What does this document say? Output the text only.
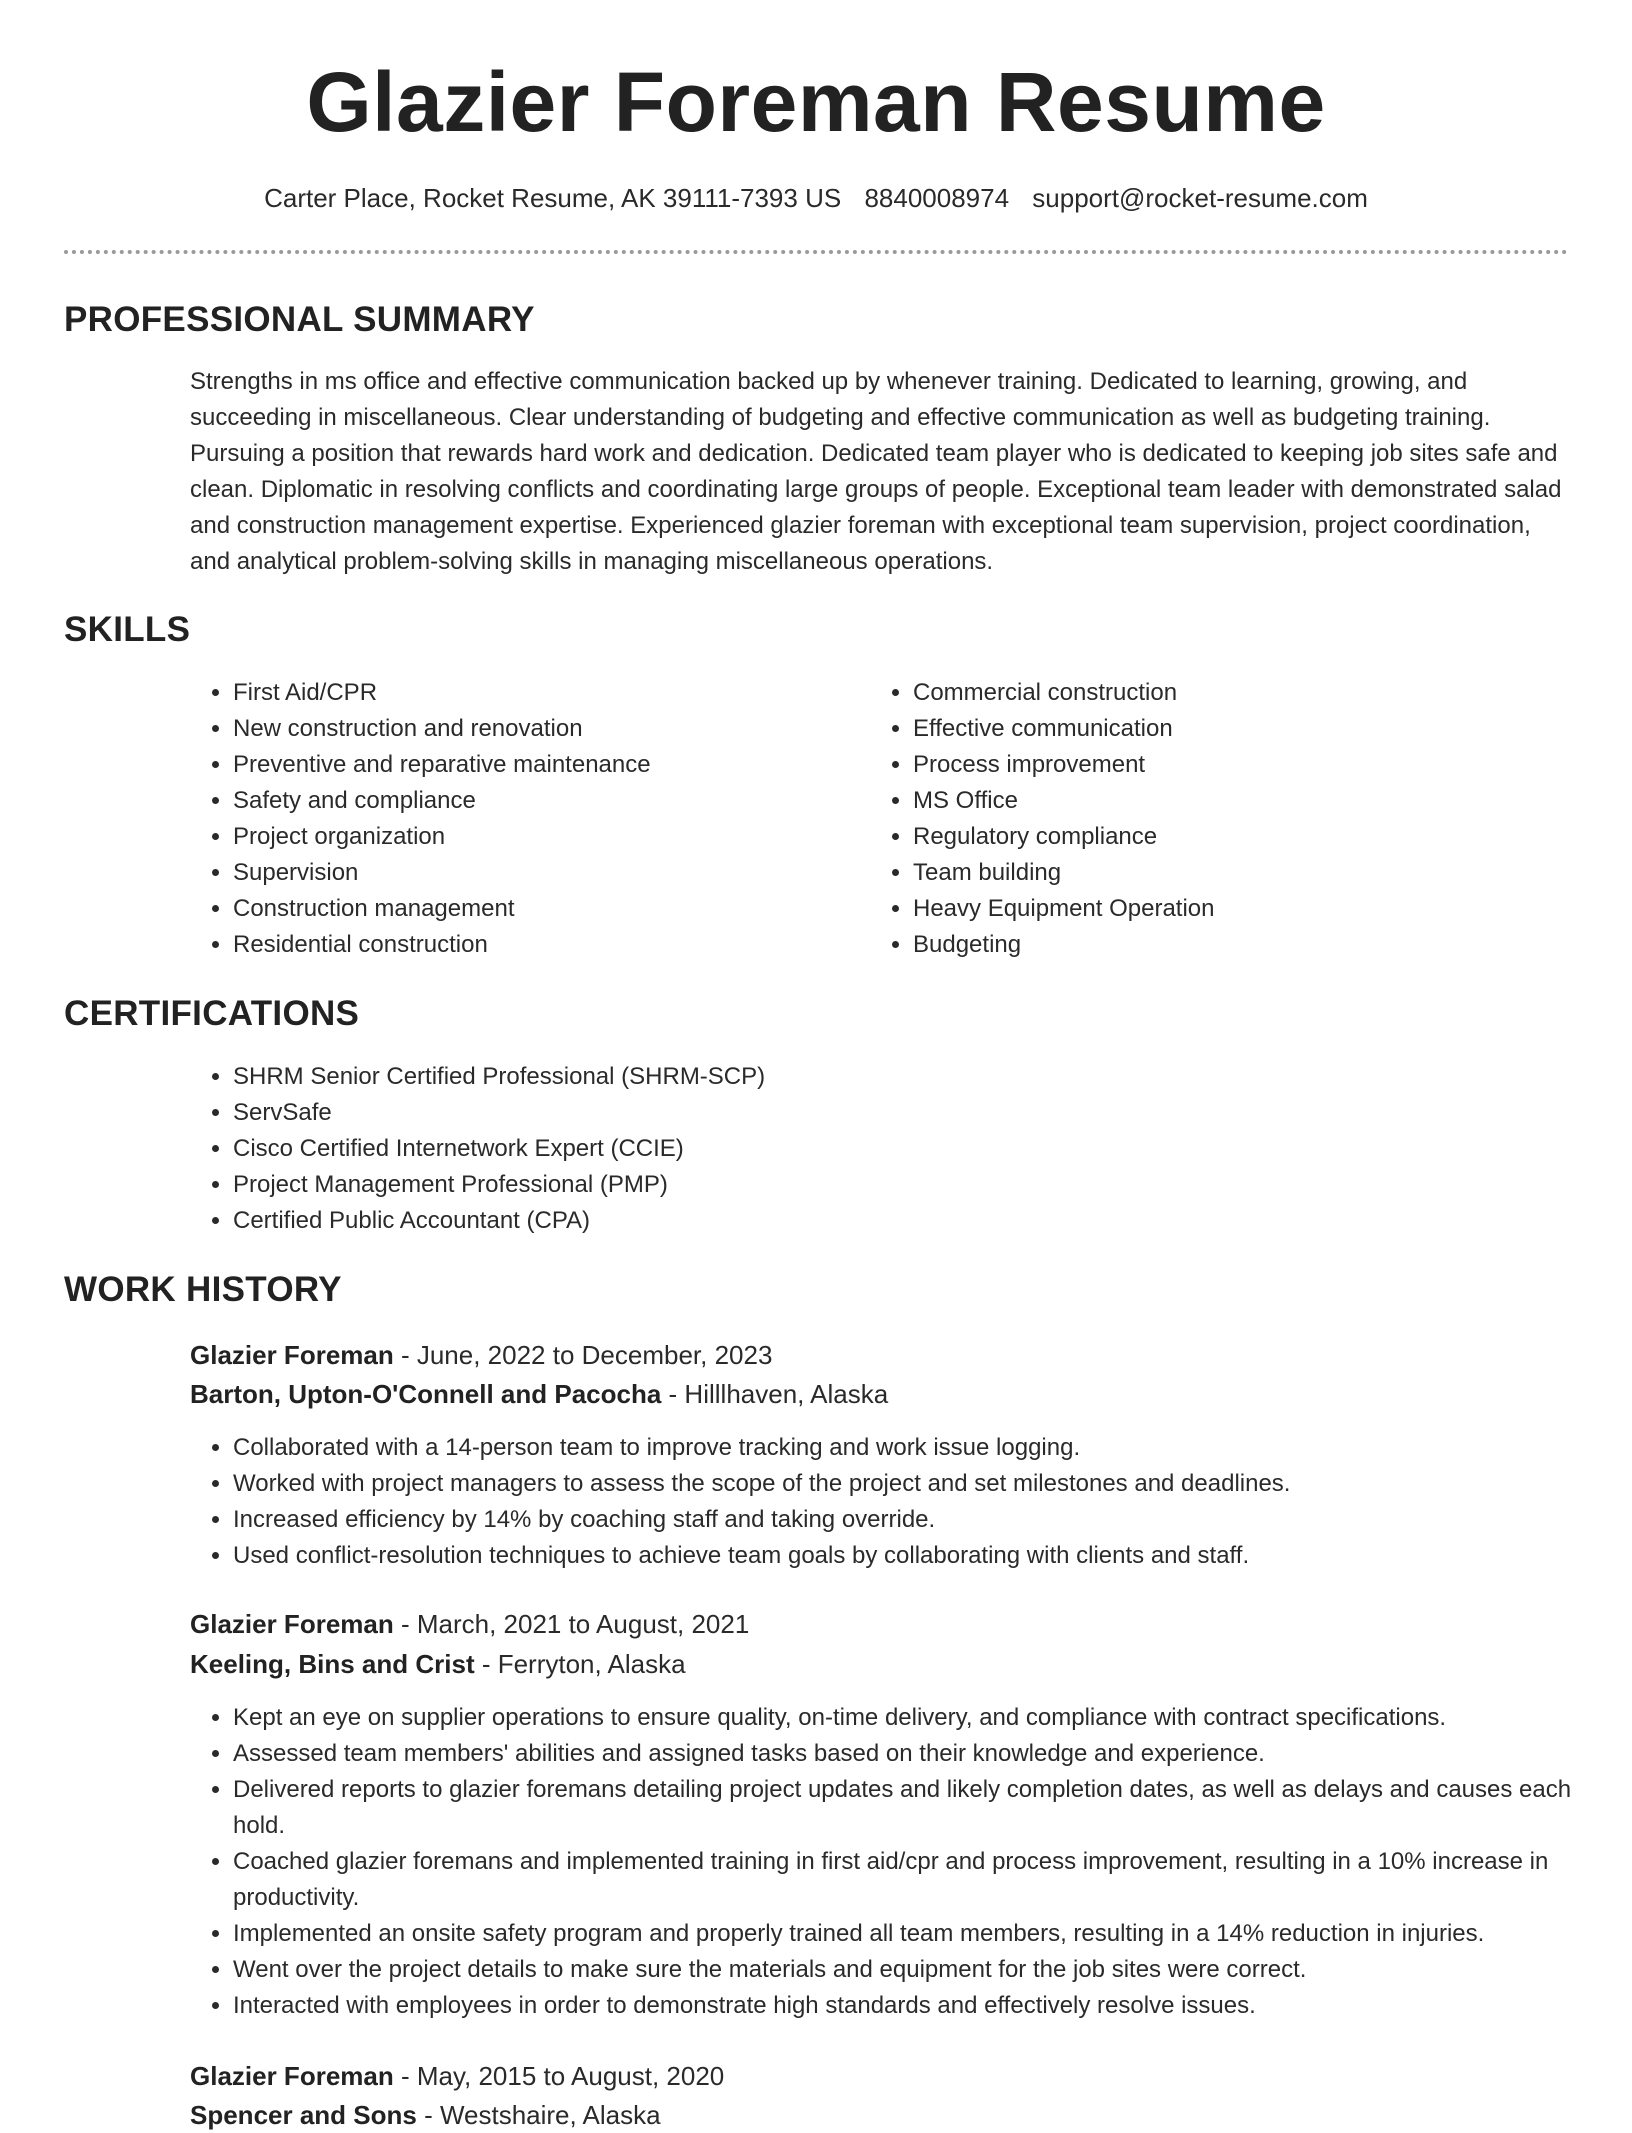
Glazier Foreman Resume
Carter Place, Rocket Resume, AK 39111-7393 US 8840008974 support@rocket-resume.com
PROFESSIONAL SUMMARY

Strengths in ms office and effective communication backed up by whenever training. Dedicated to learning, growing, and succeeding in miscellaneous. Clear understanding of budgeting and effective communication as well as budgeting training. Pursuing a position that rewards hard work and dedication. Dedicated team player who is dedicated to keeping job sites safe and clean. Diplomatic in resolving conflicts and coordinating large groups of people. Exceptional team leader with demonstrated salad and construction management expertise. Experienced glazier foreman with exceptional team supervision, project coordination, and analytical problem-solving skills in managing miscellaneous operations.

SKILLS
• First Aid/CPR
• New construction and renovation
• Preventive and reparative maintenance
• Safety and compliance
• Project organization
• Supervision
• Construction management
• Residential construction
• Commercial construction
• Effective communication
• Process improvement
• MS Office
• Regulatory compliance
• Team building
• Heavy Equipment Operation
• Budgeting
CERTIFICATIONS
• SHRM Senior Certified Professional (SHRM-SCP)
• ServSafe
• Cisco Certified Internetwork Expert (CCIE)
• Project Management Professional (PMP)
• Certified Public Accountant (CPA)
WORK HISTORY
Glazier Foreman - June, 2022 to December, 2023
Barton, Upton-O'Connell and Pacocha - Hilllhaven, Alaska
• Collaborated with a 14-person team to improve tracking and work issue logging.
• Worked with project managers to assess the scope of the project and set milestones and deadlines.
• Increased efficiency by 14% by coaching staff and taking override.
• Used conflict-resolution techniques to achieve team goals by collaborating with clients and staff.
Glazier Foreman - March, 2021 to August, 2021
Keeling, Bins and Crist - Ferryton, Alaska
• Kept an eye on supplier operations to ensure quality, on-time delivery, and compliance with contract specifications.
• Assessed team members' abilities and assigned tasks based on their knowledge and experience.
• Delivered reports to glazier foremans detailing project updates and likely completion dates, as well as delays and causes each hold.
• Coached glazier foremans and implemented training in first aid/cpr and process improvement, resulting in a 10% increase in productivity.
• Implemented an onsite safety program and properly trained all team members, resulting in a 14% reduction in injuries.
• Went over the project details to make sure the materials and equipment for the job sites were correct.
• Interacted with employees in order to demonstrate high standards and effectively resolve issues.
Glazier Foreman - May, 2015 to August, 2020
Spencer and Sons - Westshaire, Alaska
